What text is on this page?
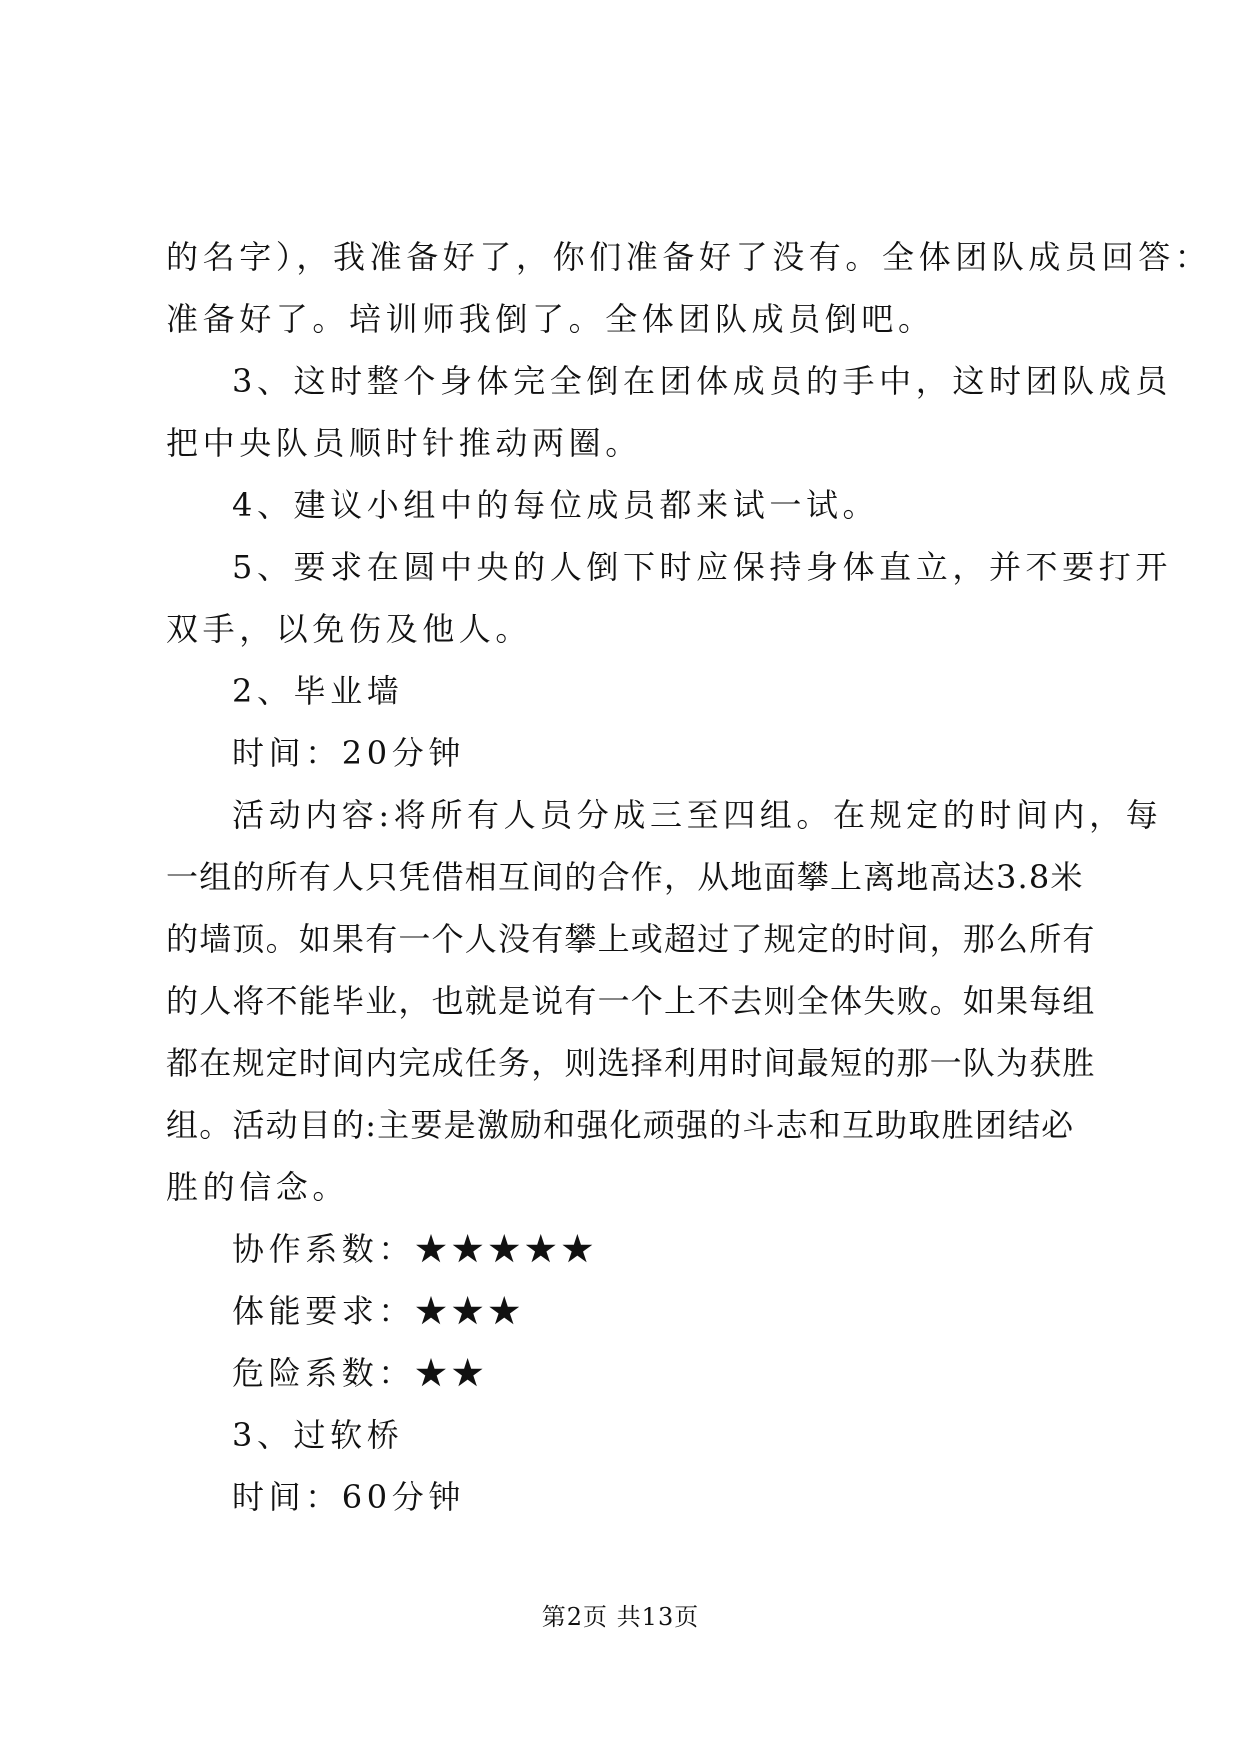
的名字），我准备好了，你们准备好了没有。全体团队成员回答：

准备好了。培训师我倒了。全体团队成员倒吧。

3、这时整个身体完全倒在团体成员的手中，这时团队成员

把中央队员顺时针推动两圈。

4、建议小组中的每位成员都来试一试。

5、要求在圆中央的人倒下时应保持身体直立，并不要打开

双手，以免伤及他人。

2、毕业墙

时间：20分钟

活动内容:将所有人员分成三至四组。在规定的时间内，每

一组的所有人只凭借相互间的合作，从地面攀上离地高达3.8米

的墙顶。如果有一个人没有攀上或超过了规定的时间，那么所有

的人将不能毕业，也就是说有一个上不去则全体失败。如果每组

都在规定时间内完成任务，则选择利用时间最短的那一队为获胜

组。活动目的:主要是激励和强化顽强的斗志和互助取胜团结必

胜的信念。

协作系数：★★★★★

体能要求：★★★

危险系数：★★

3、过软桥

时间：60分钟

第2页 共13页
